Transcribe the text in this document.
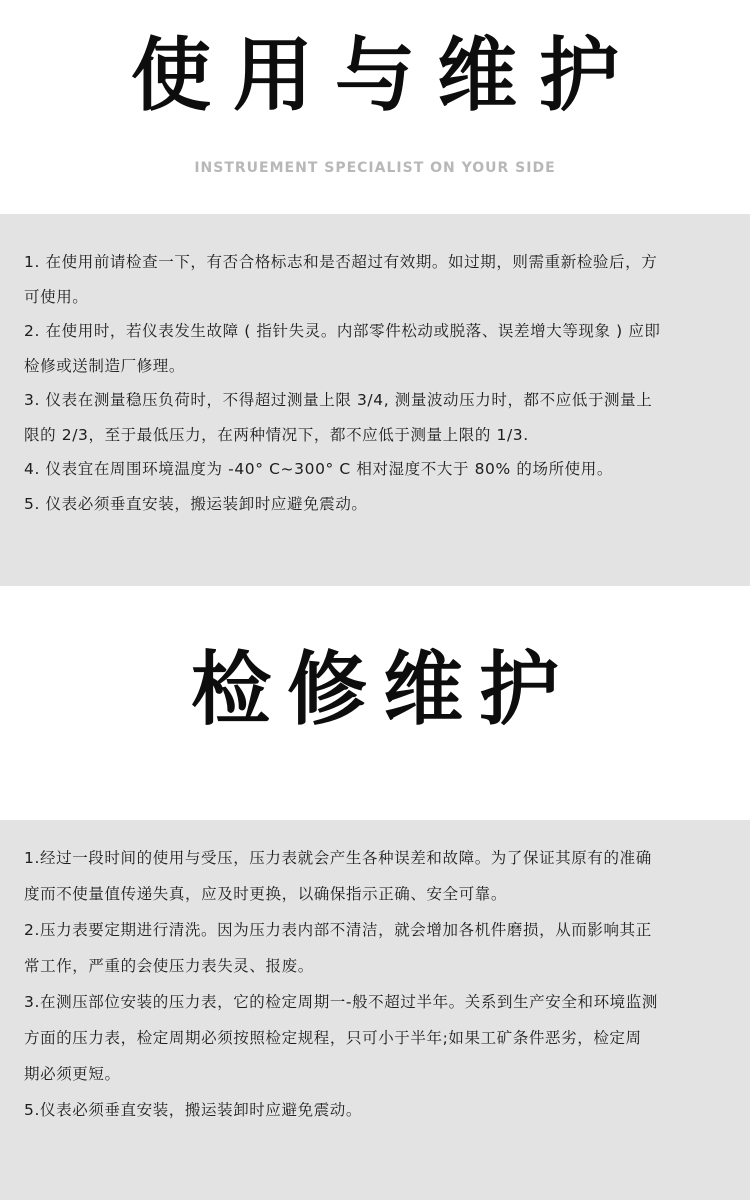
使用与维护
INSTRUEMENT SPECIALIST ON YOUR SIDE
1. 在使用前请检查一下，有否合格标志和是否超过有效期。如过期，则需重新检验后，方
可使用。
2. 在使用时，若仪表发生故障 ( 指针失灵。内部零件松动或脱落、误差增大等现象 ) 应即
检修或送制造厂修理。
3. 仪表在测量稳压负荷时，不得超过测量上限 3/4, 测量波动压力时，都不应低于测量上
限的 2/3，至于最低压力，在两种情况下，都不应低于测量上限的 1/3.
4. 仪表宜在周围环境温度为 -40° C~300° C 相对湿度不大于 80% 的场所使用。
5. 仪表必须垂直安装，搬运装卸时应避免震动。
检修维护
1.经过一段时间的使用与受压，压力表就会产生各种误差和故障。为了保证其原有的准确
度而不使量值传递失真，应及时更换，以确保指示正确、安全可靠。
2.压力表要定期进行清洗。因为压力表内部不清洁，就会增加各机件磨损，从而影响其正
常工作，严重的会使压力表失灵、报废。
3.在测压部位安装的压力表，它的检定周期一-般不超过半年。关系到生产安全和环境监测
方面的压力表，检定周期必须按照检定规程，只可小于半年;如果工矿条件恶劣，检定周
期必须更短。
5.仪表必须垂直安装，搬运装卸时应避免震动。
